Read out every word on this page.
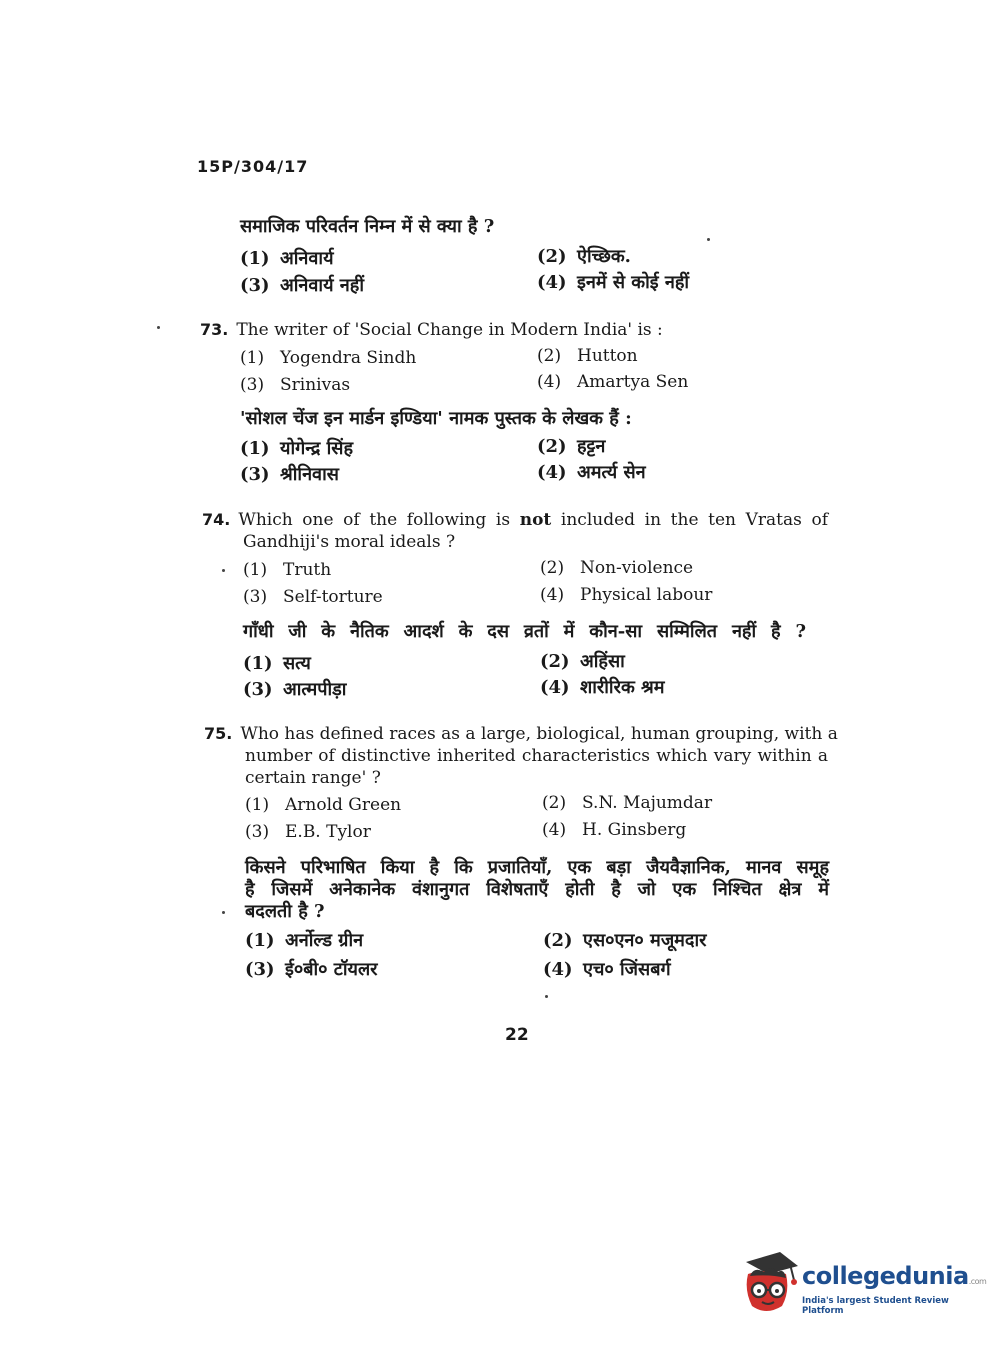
15P/304/17
समाजिक परिवर्तन निम्न में से क्या है ?
(1) अनिवार्य	(2) ऐच्छिक.
(3) अनिवार्य नहीं	(4) इनमें से कोई नहीं
73. The writer of 'Social Change in Modern India' is :
(1) Yogendra Sindh	(2) Hutton
(3) Srinivas	(4) Amartya Sen
'सोशल चेंज इन मार्डन इण्डिया' नामक पुस्तक के लेखक हैं :
(1) योगेन्द्र सिंह	(2) हट्टन
(3) श्रीनिवास	(4) अमर्त्य सेन
74. Which one of the following is not included in the ten Vratas of
Gandhiji's moral ideals ?
(1) Truth	(2) Non-violence
(3) Self-torture	(4) Physical labour
गाँधी जी के नैतिक आदर्श के दस व्रतों में कौन-सा सम्मिलित नहीं है ?
(1) सत्य	(2) अहिंसा
(3) आत्मपीड़ा	(4) शारीरिक श्रम
75. Who has defined races as a large, biological, human grouping, with a
number of distinctive inherited characteristics which vary within a
certain range' ?
(1) Arnold Green	(2) S.N. Majumdar
(3) E.B. Tylor	(4) H. Ginsberg
किसने परिभाषित किया है कि प्रजातियाँ, एक बड़ा जैयवैज्ञानिक, मानव समूह
है जिसमें अनेकानेक वंशानुगत विशेषताएँ होती है जो एक निश्चित क्षेत्र में
बदलती है ?
(1) अर्नोल्ड ग्रीन	(2) एस०एन० मजूमदार
(3) ई०बी० टॉयलर	(4) एच० जिंसबर्ग
22
collegedunia.com
India's largest Student Review Platform
